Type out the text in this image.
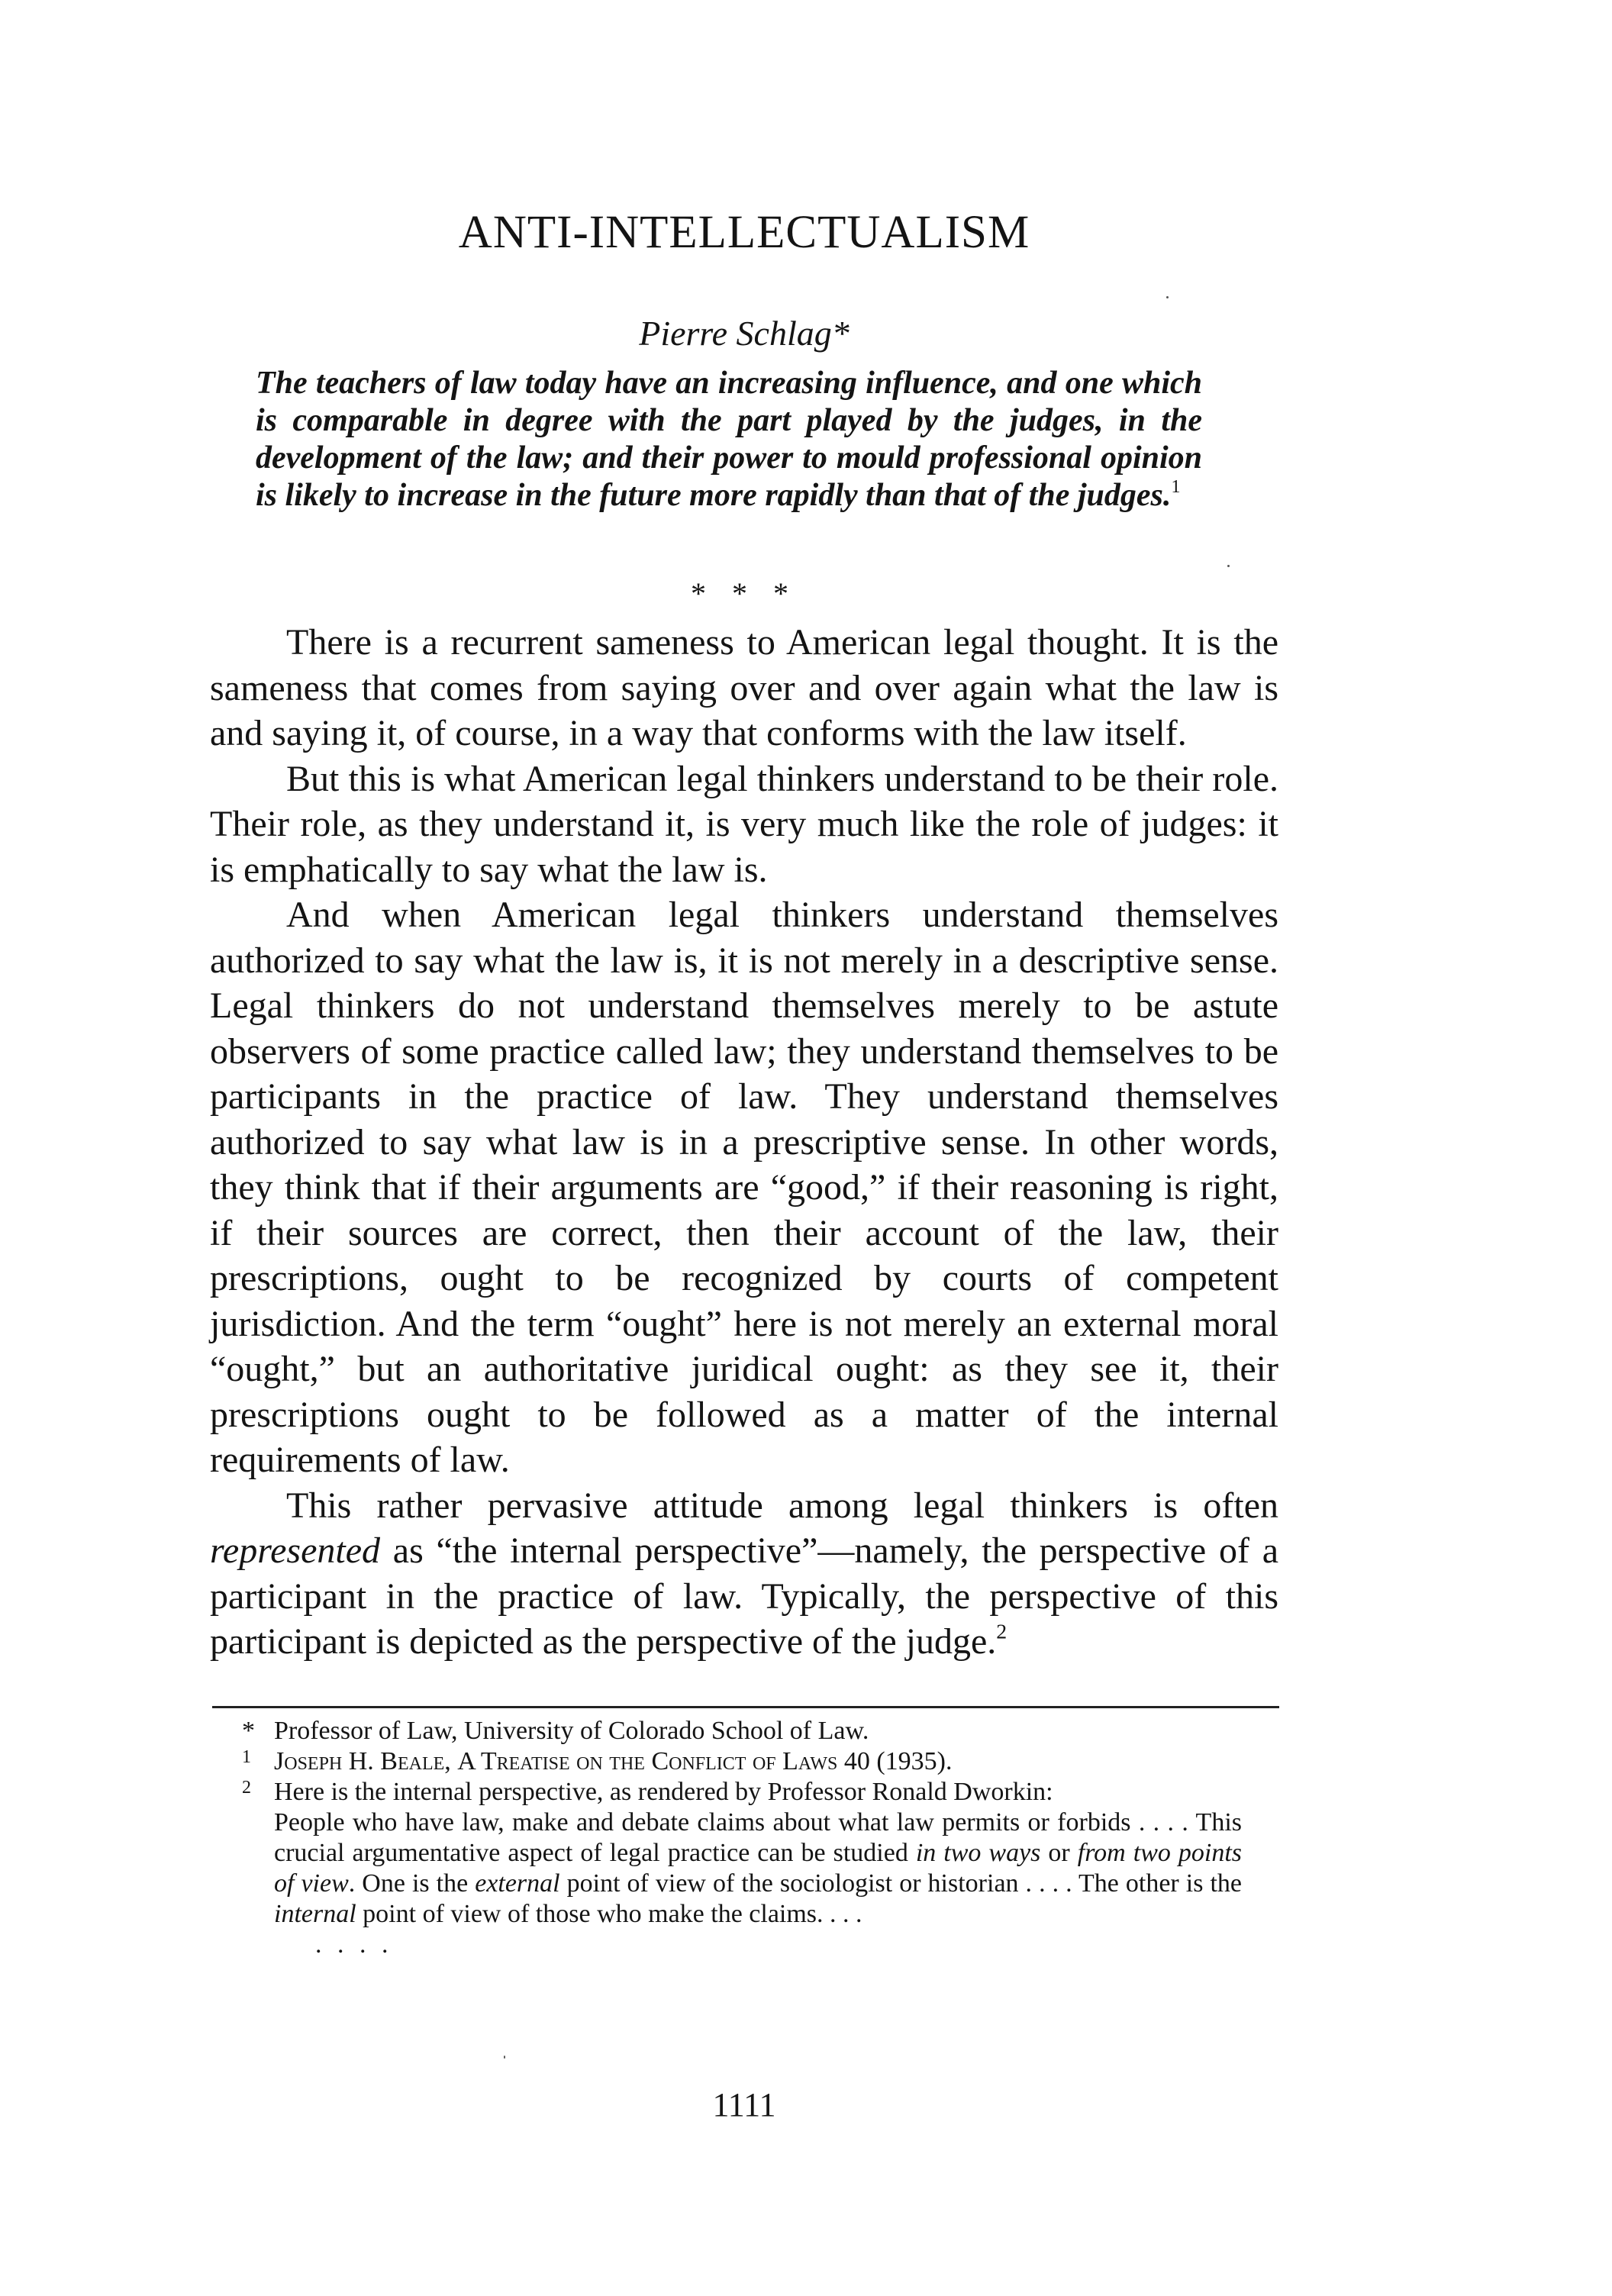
ANTI-INTELLECTUALISM

Pierre Schlag*

The teachers of law today have an increasing influence, and one which is comparable in degree with the part played by the judges, in the development of the law; and their power to mould professional opinion is likely to increase in the future more rapidly than that of the judges.$^1$

* * *

There is a recurrent sameness to American legal thought. It is the sameness that comes from saying over and over again what the law is and saying it, of course, in a way that conforms with the law itself.

But this is what American legal thinkers understand to be their role. Their role, as they understand it, is very much like the role of judges: it is emphatically to say what the law is.

And when American legal thinkers understand themselves authorized to say what the law is, it is not merely in a descriptive sense. Legal thinkers do not understand themselves merely to be astute observers of some practice called law; they understand themselves to be participants in the practice of law. They understand themselves authorized to say what law is in a prescriptive sense. In other words, they think that if their arguments are “good,” if their reasoning is right, if their sources are correct, then their account of the law, their prescriptions, ought to be recognized by courts of competent jurisdiction. And the term “ought” here is not merely an external moral “ought,” but an authoritative juridical ought: as they see it, their prescriptions ought to be followed as a matter of the internal requirements of law.

This rather pervasive attitude among legal thinkers is often represented as “the internal perspective”—namely, the perspective of a participant in the practice of law. Typically, the perspective of this participant is depicted as the perspective of the judge.$^2$

* Professor of Law, University of Colorado School of Law.

1 Joseph H. Beale, A Treatise on the Conflict of Laws 40 (1935).

2 Here is the internal perspective, as rendered by Professor Ronald Dworkin:
People who have law, make and debate claims about what law permits or forbids . . . . This crucial argumentative aspect of legal practice can be studied in two ways or from two points of view. One is the external point of view of the sociologist or historian . . . . The other is the internal point of view of those who make the claims. . . .

. . . .

1111
